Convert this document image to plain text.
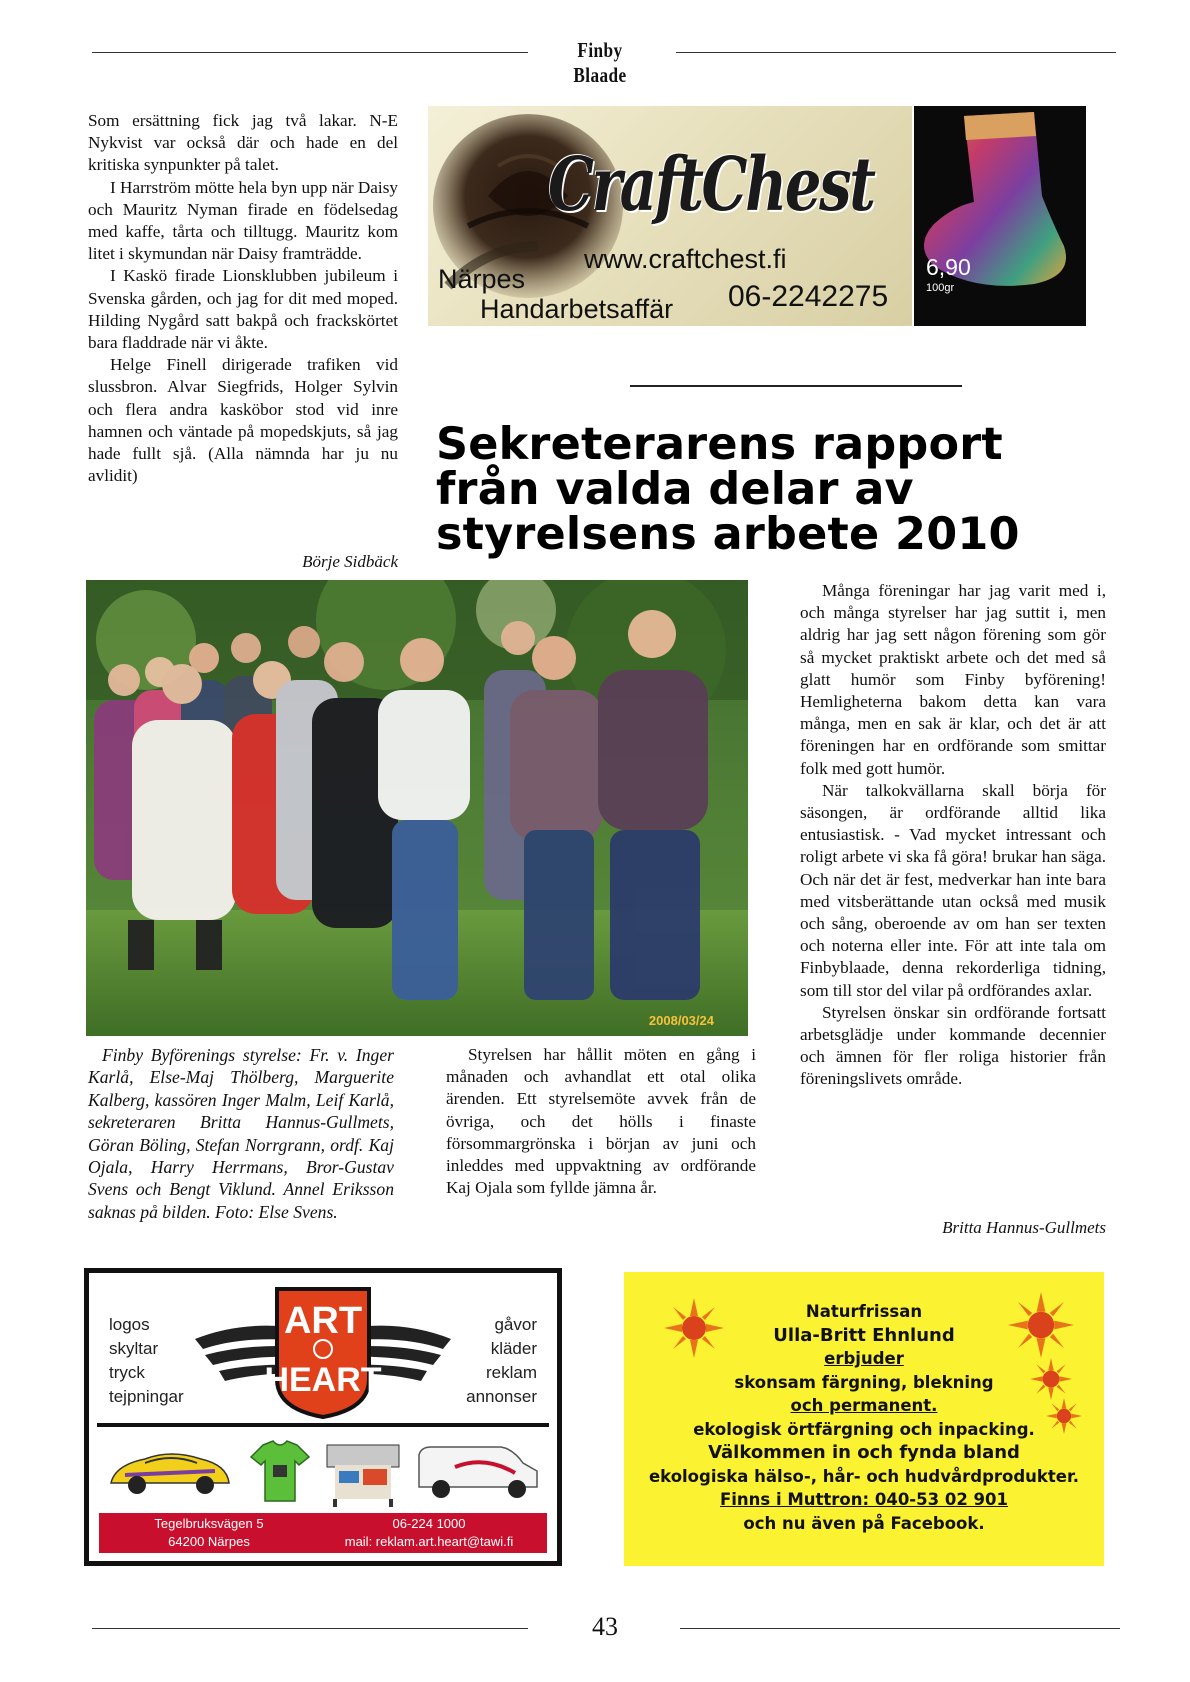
Finby Blaade

Som ersättning fick jag två lakar. N-E Nykvist var också där och hade en del kritiska synpunkter på talet.

I Harrström mötte hela byn upp när Daisy och Mauritz Nyman firade en födelsedag med kaffe, tårta och tilltugg. Mauritz kom litet i skymundan när Daisy framträdde.

I Kaskö firade Lionsklubben jubileum i Svenska gården, och jag for dit med moped. Hilding Nygård satt bakpå och frackskörtet bara fladdrade när vi åkte.

Helge Finell dirigerade trafiken vid slussbron. Alvar Siegfrids, Holger Sylvin och flera andra kasköbor stod vid inre hamnen och väntade på mopedskjuts, så jag hade fullt sjå. (Alla nämnda har ju nu avlidit)

Börje Sidbäck
CraftChest
www.craftchest.fi
Närpes
Handarbetsaffär 06-2242275
6,90
100gr
Sekreterarens rapport från valda delar av styrelsens arbete 2010
2008/03/24
Finby Byförenings styrelse: Fr. v. Inger Karlå, Else-Maj Thölberg, Marguerite Kalberg, kassören Inger Malm, Leif Karlå, sekreteraren Britta Hannus-Gullmets, Göran Böling, Stefan Norrgrann, ordf. Kaj Ojala, Harry Herrmans, Bror-Gustav Svens och Bengt Viklund. Annel Eriksson saknas på bilden. Foto: Else Svens.

Styrelsen har hållit möten en gång i månaden och avhandlat ett otal olika ärenden. Ett styrelsemöte avvek från de övriga, och det hölls i finaste försommargrönska i början av juni och inleddes med uppvaktning av ordförande Kaj Ojala som fyllde jämna år.

Många föreningar har jag varit med i, och många styrelser har jag suttit i, men aldrig har jag sett någon förening som gör så mycket praktiskt arbete och det med så glatt humör som Finby byförening! Hemligheterna bakom detta kan vara många, men en sak är klar, och det är att föreningen har en ordförande som smittar folk med gott humör.

När talkokvällarna skall börja för säsongen, är ordförande alltid lika entusiastisk. - Vad mycket intressant och roligt arbete vi ska få göra! brukar han säga. Och när det är fest, medverkar han inte bara med vitsberättande utan också med musik och sång, oberoende av om han ser texten och noterna eller inte. För att inte tala om Finbyblaade, denna rekorderliga tidning, som till stor del vilar på ordförandes axlar.

Styrelsen önskar sin ordförande fortsatt arbetsglädje under kommande decennier och ämnen för fler roliga historier från föreningslivets område.

Britta Hannus-Gullmets
logos
skyltar
tryck
tejpningar
ART
HEART
gåvor
kläder
reklam
annonser
Tegelbruksvägen 5
64200 Närpes
06-224 1000
mail: reklam.art.heart@tawi.fi
Naturfrissan
Ulla-Britt Ehnlund
erbjuder
skonsam färgning, blekning
och permanent.
ekologisk örtfärgning och inpacking.
Välkommen in och fynda bland
ekologiska hälso-, hår- och hudvårdprodukter.
Finns i Muttron: 040-53 02 901
och nu även på Facebook.
43
